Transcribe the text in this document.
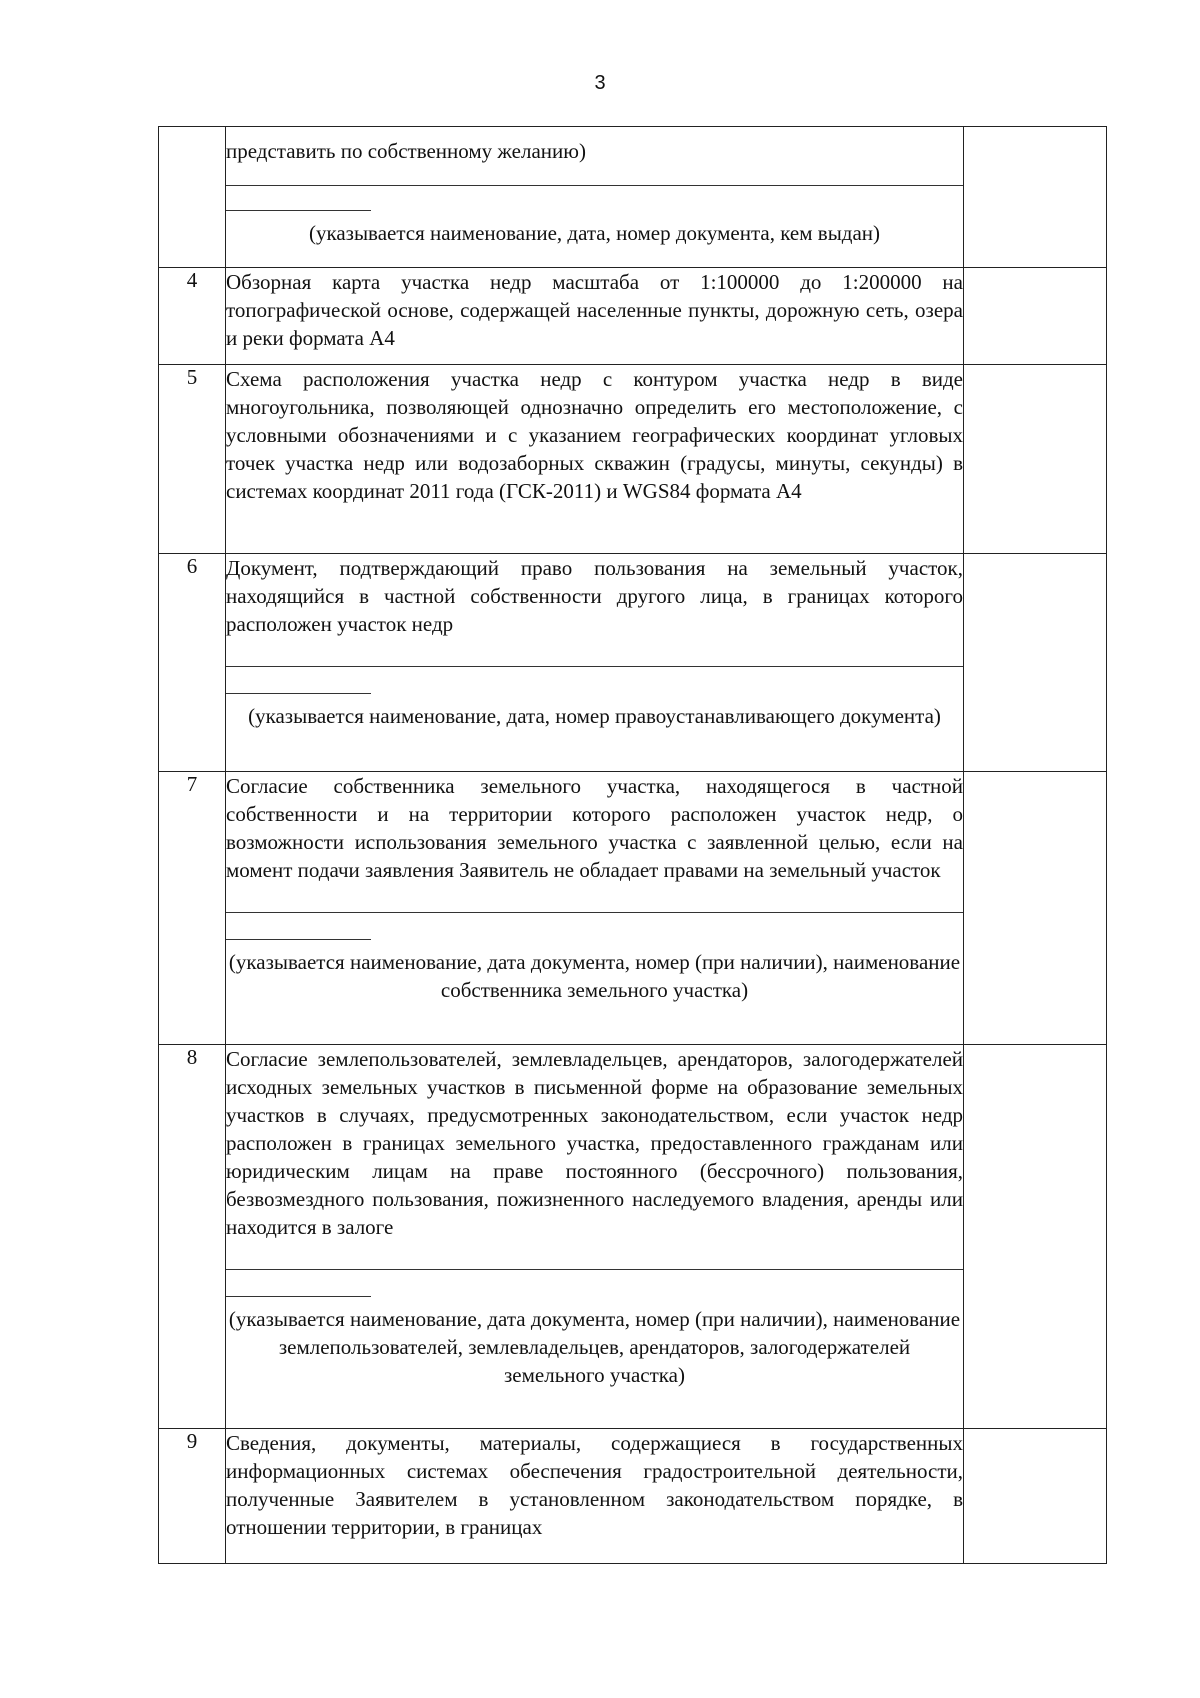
3

	представить по собственному желанию)
(указывается наименование, дата, номер документа, кем выдан)	

4	Обзорная карта участка недр масштаба от 1:100000 до 1:200000 на топографической основе, содержащей населенные пункты, дорожную сеть, озера и реки формата А4	

5	Схема расположения участка недр с контуром участка недр в виде многоугольника, позволяющей однозначно определить его местоположение, с условными обозначениями и с указанием географических координат угловых точек участка недр или водозаборных скважин (градусы, минуты, секунды) в системах координат 2011 года (ГСК-2011) и WGS84 формата А4	

6	Документ, подтверждающий право пользования на земельный участок, находящийся в частной собственности другого лица, в границах которого расположен участок недр
(указывается наименование, дата, номер правоустанавливающего документа)	

7	Согласие собственника земельного участка, находящегося в частной собственности и на территории которого расположен участок недр, о возможности использования земельного участка с заявленной целью, если на момент подачи заявления Заявитель не обладает правами на земельный участок
(указывается наименование, дата документа, номер (при наличии), наименование собственника земельного участка)	

8	Согласие землепользователей, землевладельцев, арендаторов, залогодержателей исходных земельных участков в письменной форме на образование земельных участков в случаях, предусмотренных законодательством, если участок недр расположен в границах земельного участка, предоставленного гражданам или юридическим лицам на праве постоянного (бессрочного) пользования, безвозмездного пользования, пожизненного наследуемого владения, аренды или находится в залоге
(указывается наименование, дата документа, номер (при наличии), наименование землепользователей, землевладельцев, арендаторов, залогодержателей земельного участка)	

9	Сведения, документы, материалы, содержащиеся в государственных информационных системах обеспечения градостроительной деятельности, полученные Заявителем в установленном законодательством порядке, в отношении территории, в границах	
